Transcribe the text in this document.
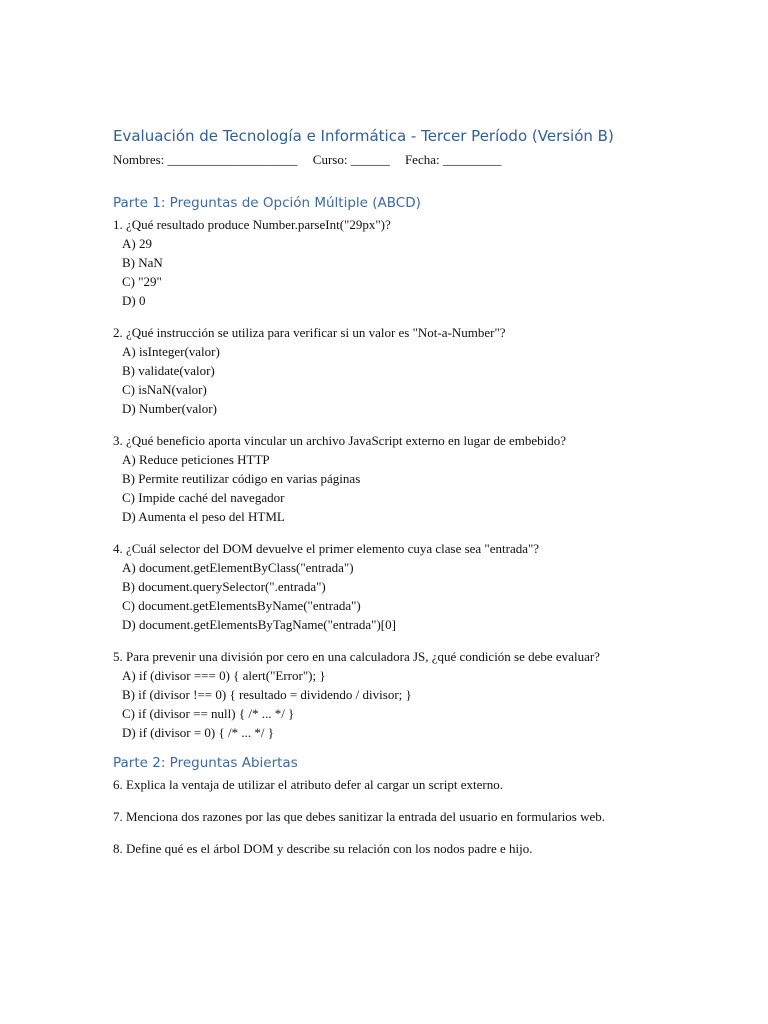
Evaluación de Tecnología e Informática - Tercer Período (Versión B)

Nombres: ____________________ Curso: ______ Fecha: _________

Parte 1: Preguntas de Opción Múltiple (ABCD)

1. ¿Qué resultado produce Number.parseInt("29px")?

A) 29

B) NaN

C) "29"

D) 0

2. ¿Qué instrucción se utiliza para verificar si un valor es "Not-a-Number"?

A) isInteger(valor)

B) validate(valor)

C) isNaN(valor)

D) Number(valor)

3. ¿Qué beneficio aporta vincular un archivo JavaScript externo en lugar de embebido?

A) Reduce peticiones HTTP

B) Permite reutilizar código en varias páginas

C) Impide caché del navegador

D) Aumenta el peso del HTML

4. ¿Cuál selector del DOM devuelve el primer elemento cuya clase sea "entrada"?

A) document.getElementByClass("entrada")

B) document.querySelector(".entrada")

C) document.getElementsByName("entrada")

D) document.getElementsByTagName("entrada")[0]

5. Para prevenir una división por cero en una calculadora JS, ¿qué condición se debe evaluar?

A) if (divisor === 0) { alert("Error"); }

B) if (divisor !== 0) { resultado = dividendo / divisor; }

C) if (divisor == null) { /* ... */ }

D) if (divisor = 0) { /* ... */ }

Parte 2: Preguntas Abiertas

6. Explica la ventaja de utilizar el atributo defer al cargar un script externo.

7. Menciona dos razones por las que debes sanitizar la entrada del usuario en formularios web.

8. Define qué es el árbol DOM y describe su relación con los nodos padre e hijo.
